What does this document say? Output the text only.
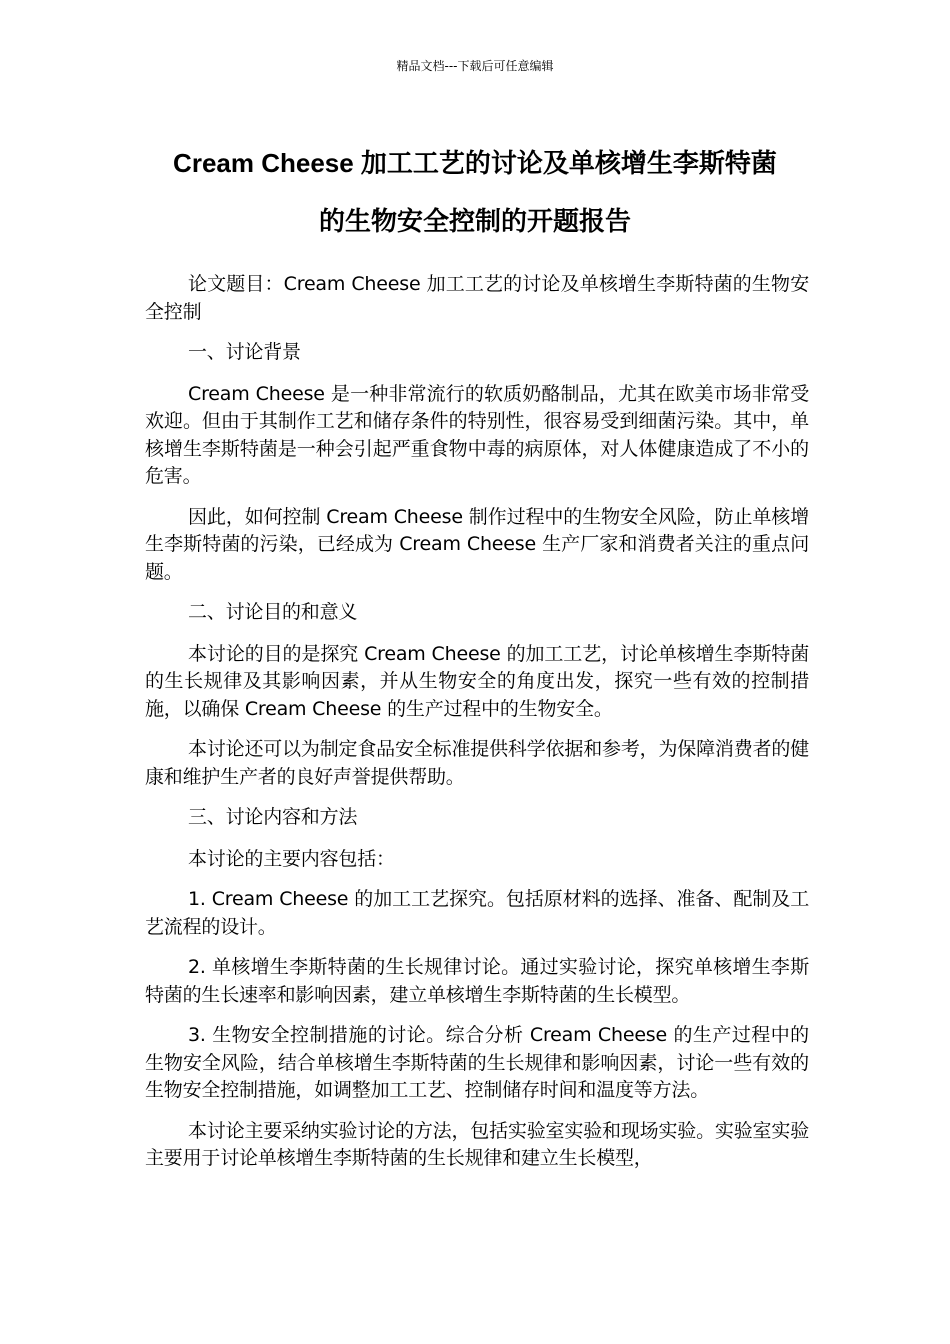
精品文档---下载后可任意编辑
Cream Cheese 加工工艺的讨论及单核增生李斯特菌
的生物安全控制的开题报告

论文题目：Cream Cheese 加工工艺的讨论及单核增生李斯特菌的生物安全控制

一、讨论背景

Cream Cheese 是一种非常流行的软质奶酪制品，尤其在欧美市场非常受欢迎。但由于其制作工艺和储存条件的特别性，很容易受到细菌污染。其中，单核增生李斯特菌是一种会引起严重食物中毒的病原体，对人体健康造成了不小的危害。

因此，如何控制 Cream Cheese 制作过程中的生物安全风险，防止单核增生李斯特菌的污染，已经成为 Cream Cheese 生产厂家和消费者关注的重点问题。

二、讨论目的和意义

本讨论的目的是探究 Cream Cheese 的加工工艺，讨论单核增生李斯特菌的生长规律及其影响因素，并从生物安全的角度出发，探究一些有效的控制措施，以确保 Cream Cheese 的生产过程中的生物安全。

本讨论还可以为制定食品安全标准提供科学依据和参考，为保障消费者的健康和维护生产者的良好声誉提供帮助。

三、讨论内容和方法

本讨论的主要内容包括：

1. Cream Cheese 的加工工艺探究。包括原材料的选择、准备、配制及工艺流程的设计。

2. 单核增生李斯特菌的生长规律讨论。通过实验讨论，探究单核增生李斯特菌的生长速率和影响因素，建立单核增生李斯特菌的生长模型。

3. 生物安全控制措施的讨论。综合分析 Cream Cheese 的生产过程中的生物安全风险，结合单核增生李斯特菌的生长规律和影响因素，讨论一些有效的生物安全控制措施，如调整加工工艺、控制储存时间和温度等方法。

本讨论主要采纳实验讨论的方法，包括实验室实验和现场实验。实验室实验主要用于讨论单核增生李斯特菌的生长规律和建立生长模型，
